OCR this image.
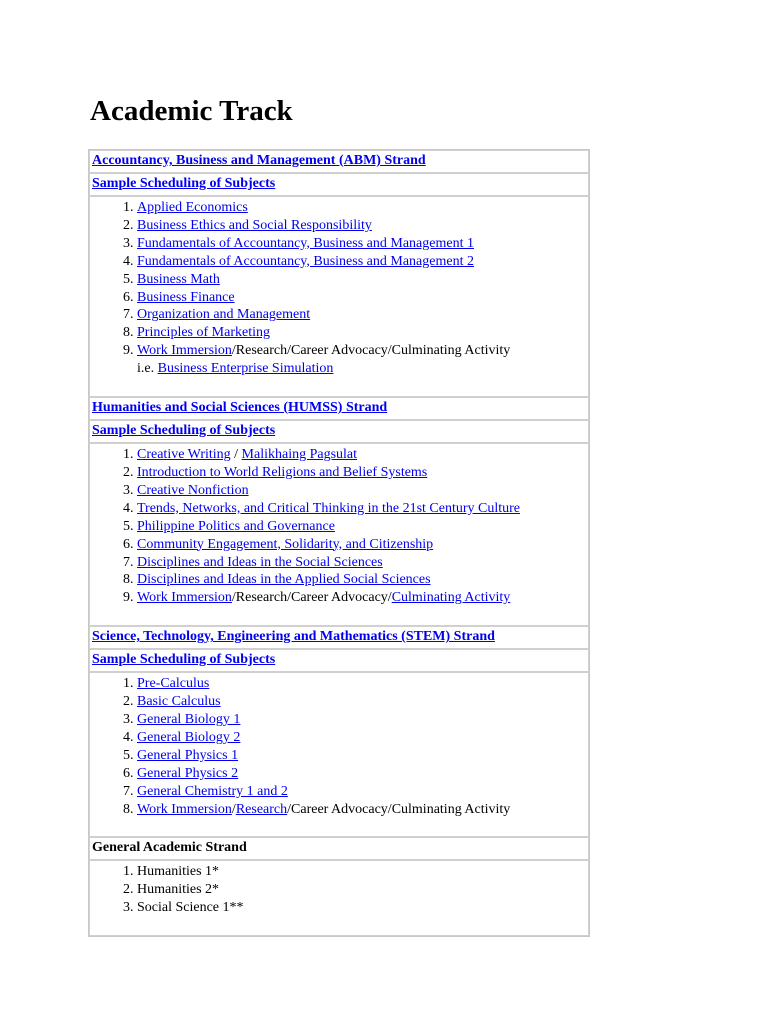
Academic Track
Accountancy, Business and Management (ABM) Strand
Sample Scheduling of Subjects

1. Applied Economics
2. Business Ethics and Social Responsibility
3. Fundamentals of Accountancy, Business and Management 1
4. Fundamentals of Accountancy, Business and Management 2
5. Business Math
6. Business Finance
7. Organization and Management
8. Principles of Marketing
9. Work Immersion/Research/Career Advocacy/Culminating Activity
i.e. Business Enterprise Simulation

Humanities and Social Sciences (HUMSS) Strand
Sample Scheduling of Subjects

1. Creative Writing / Malikhaing Pagsulat
2. Introduction to World Religions and Belief Systems
3. Creative Nonfiction
4. Trends, Networks, and Critical Thinking in the 21st Century Culture
5. Philippine Politics and Governance
6. Community Engagement, Solidarity, and Citizenship
7. Disciplines and Ideas in the Social Sciences
8. Disciplines and Ideas in the Applied Social Sciences
9. Work Immersion/Research/Career Advocacy/Culminating Activity

Science, Technology, Engineering and Mathematics (STEM) Strand
Sample Scheduling of Subjects

1. Pre-Calculus
2. Basic Calculus
3. General Biology 1
4. General Biology 2
5. General Physics 1
6. General Physics 2
7. General Chemistry 1 and 2
8. Work Immersion/Research/Career Advocacy/Culminating Activity

General Academic Strand

1. Humanities 1*
2. Humanities 2*
3. Social Science 1**
